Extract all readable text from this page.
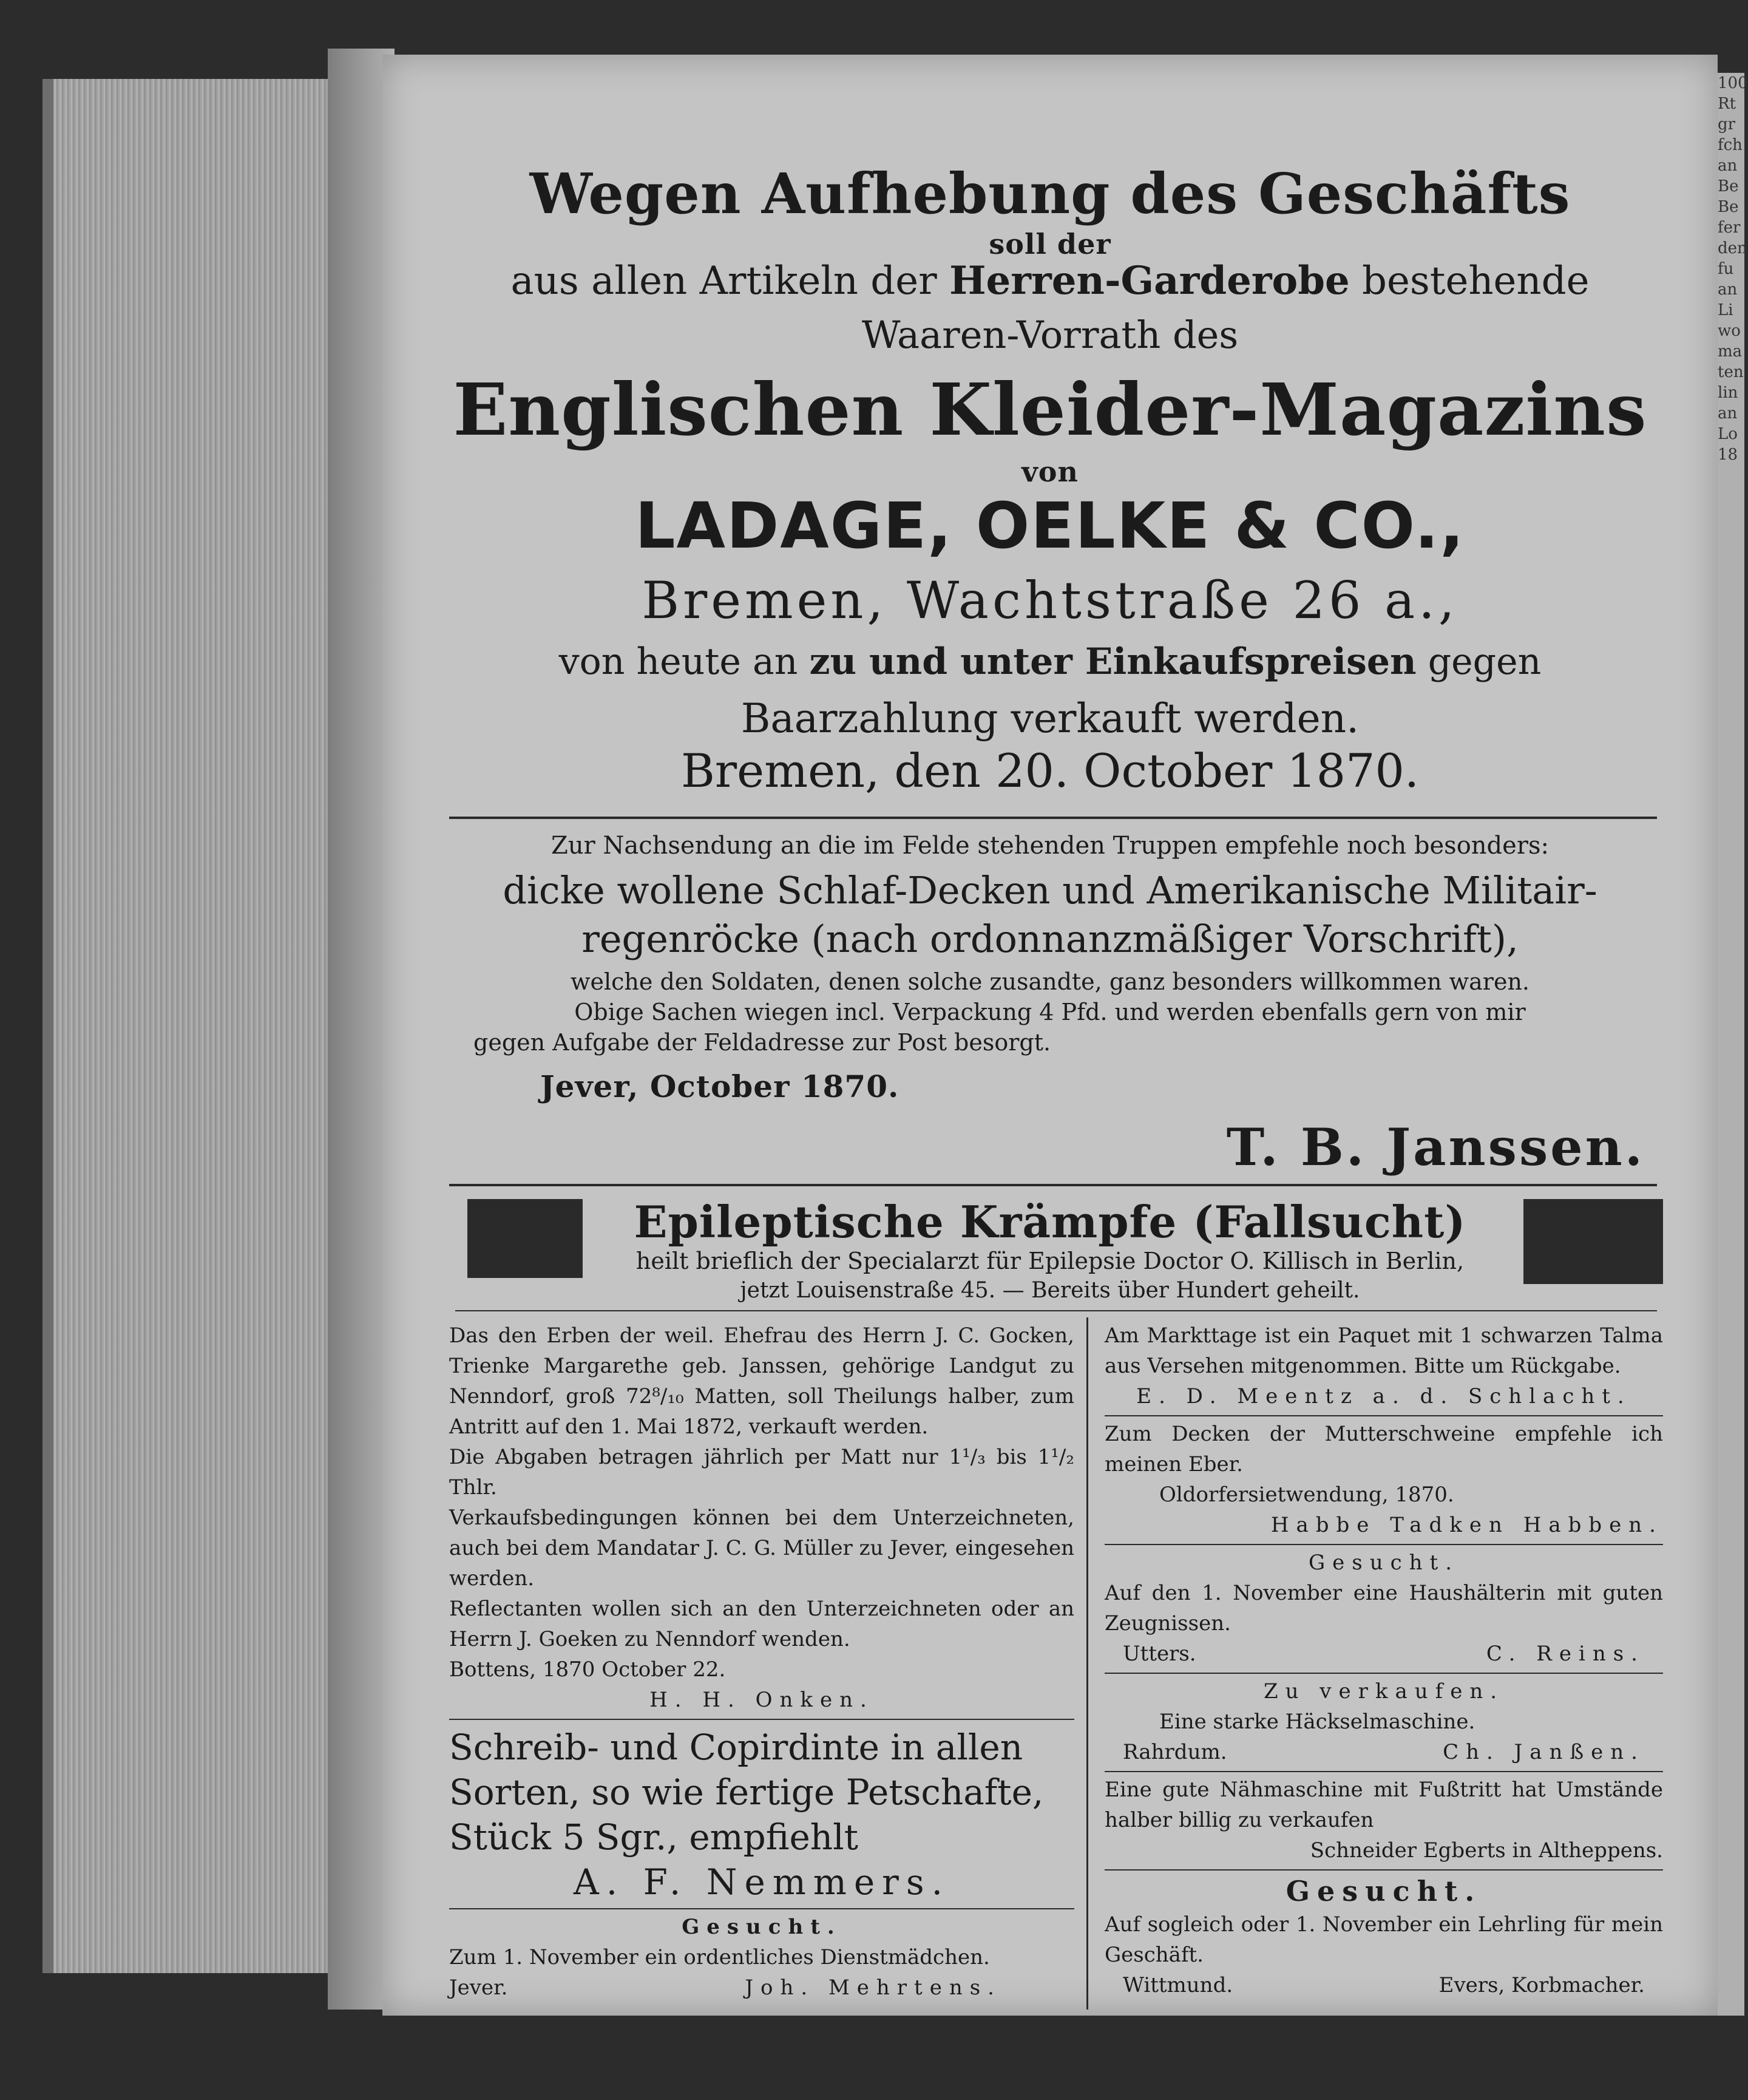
100
Rt
gr
fch
an
Be
Be
fer
den
fu
an
Li
wo
ma
ten
lin
an
Lo
18
Wegen Aufhebung des Geschäfts
soll der
aus allen Artikeln der Herren-Garderobe bestehende
Waaren-Vorrath des
Englischen Kleider-Magazins
von
LADAGE, OELKE & CO.,
Bremen, Wachtstraße 26 a.,
von heute an zu und unter Einkaufspreisen gegen
Baarzahlung verkauft werden.
Bremen, den 20. October 1870.
Zur Nachsendung an die im Felde stehenden Truppen empfehle noch besonders:
dicke wollene Schlaf-Decken und Amerikanische Militair-
regenröcke (nach ordonnanzmäßiger Vorschrift),
welche den Soldaten, denen solche zusandte, ganz besonders willkommen waren.
Obige Sachen wiegen incl. Verpackung 4 Pfd. und werden ebenfalls gern von mir
gegen Aufgabe der Feldadresse zur Post besorgt.
Jever, October 1870.
T. B. Janssen.
Epileptische Krämpfe (Fallsucht)
heilt brieflich der Specialarzt für Epilepsie Doctor O. Killisch in Berlin,
jetzt Louisenstraße 45. — Bereits über Hundert geheilt.

Das den Erben der weil. Ehefrau des Herrn J. C. Gocken, Trienke Margarethe geb. Janssen, gehörige Landgut zu Nenndorf, groß 72⁸/₁₀ Matten, soll Theilungs halber, zum Antritt auf den 1. Mai 1872, verkauft werden.

Die Abgaben betragen jährlich per Matt nur 1¹/₃ bis 1¹/₂ Thlr.

Verkaufsbedingungen können bei dem Unterzeichneten, auch bei dem Mandatar J. C. G. Müller zu Jever, eingesehen werden.

Reflectanten wollen sich an den Unterzeichneten oder an Herrn J. Goeken zu Nenndorf wenden.

Bottens, 1870 October 22.

H. H. Onken.

Schreib- und Copirdinte in allen Sorten, so wie fertige Petschafte, Stück 5 Sgr., empfiehlt

A. F. Nemmers.

Gesucht.

Zum 1. November ein ordentliches Dienstmädchen.

Jever.	Joh. Mehrtens.

Am Markttage ist ein Paquet mit 1 schwarzen Talma aus Versehen mitgenommen. Bitte um Rückgabe.

E. D. Meentz a. d. Schlacht.

Zum Decken der Mutterschweine empfehle ich meinen Eber.

Oldorfersietwendung, 1870.

Habbe Tadken Habben.

Gesucht.

Auf den 1. November eine Haushälterin mit guten Zeugnissen.

Utters.	C. Reins.

Zu verkaufen.

Eine starke Häckselmaschine.

Rahrdum.	Ch. Janßen.

Eine gute Nähmaschine mit Fußtritt hat Umstände halber billig zu verkaufen

Schneider Egberts in Altheppens.

Gesucht.

Auf sogleich oder 1. November ein Lehrling für mein Geschäft.

Wittmund.	Evers, Korbmacher.
